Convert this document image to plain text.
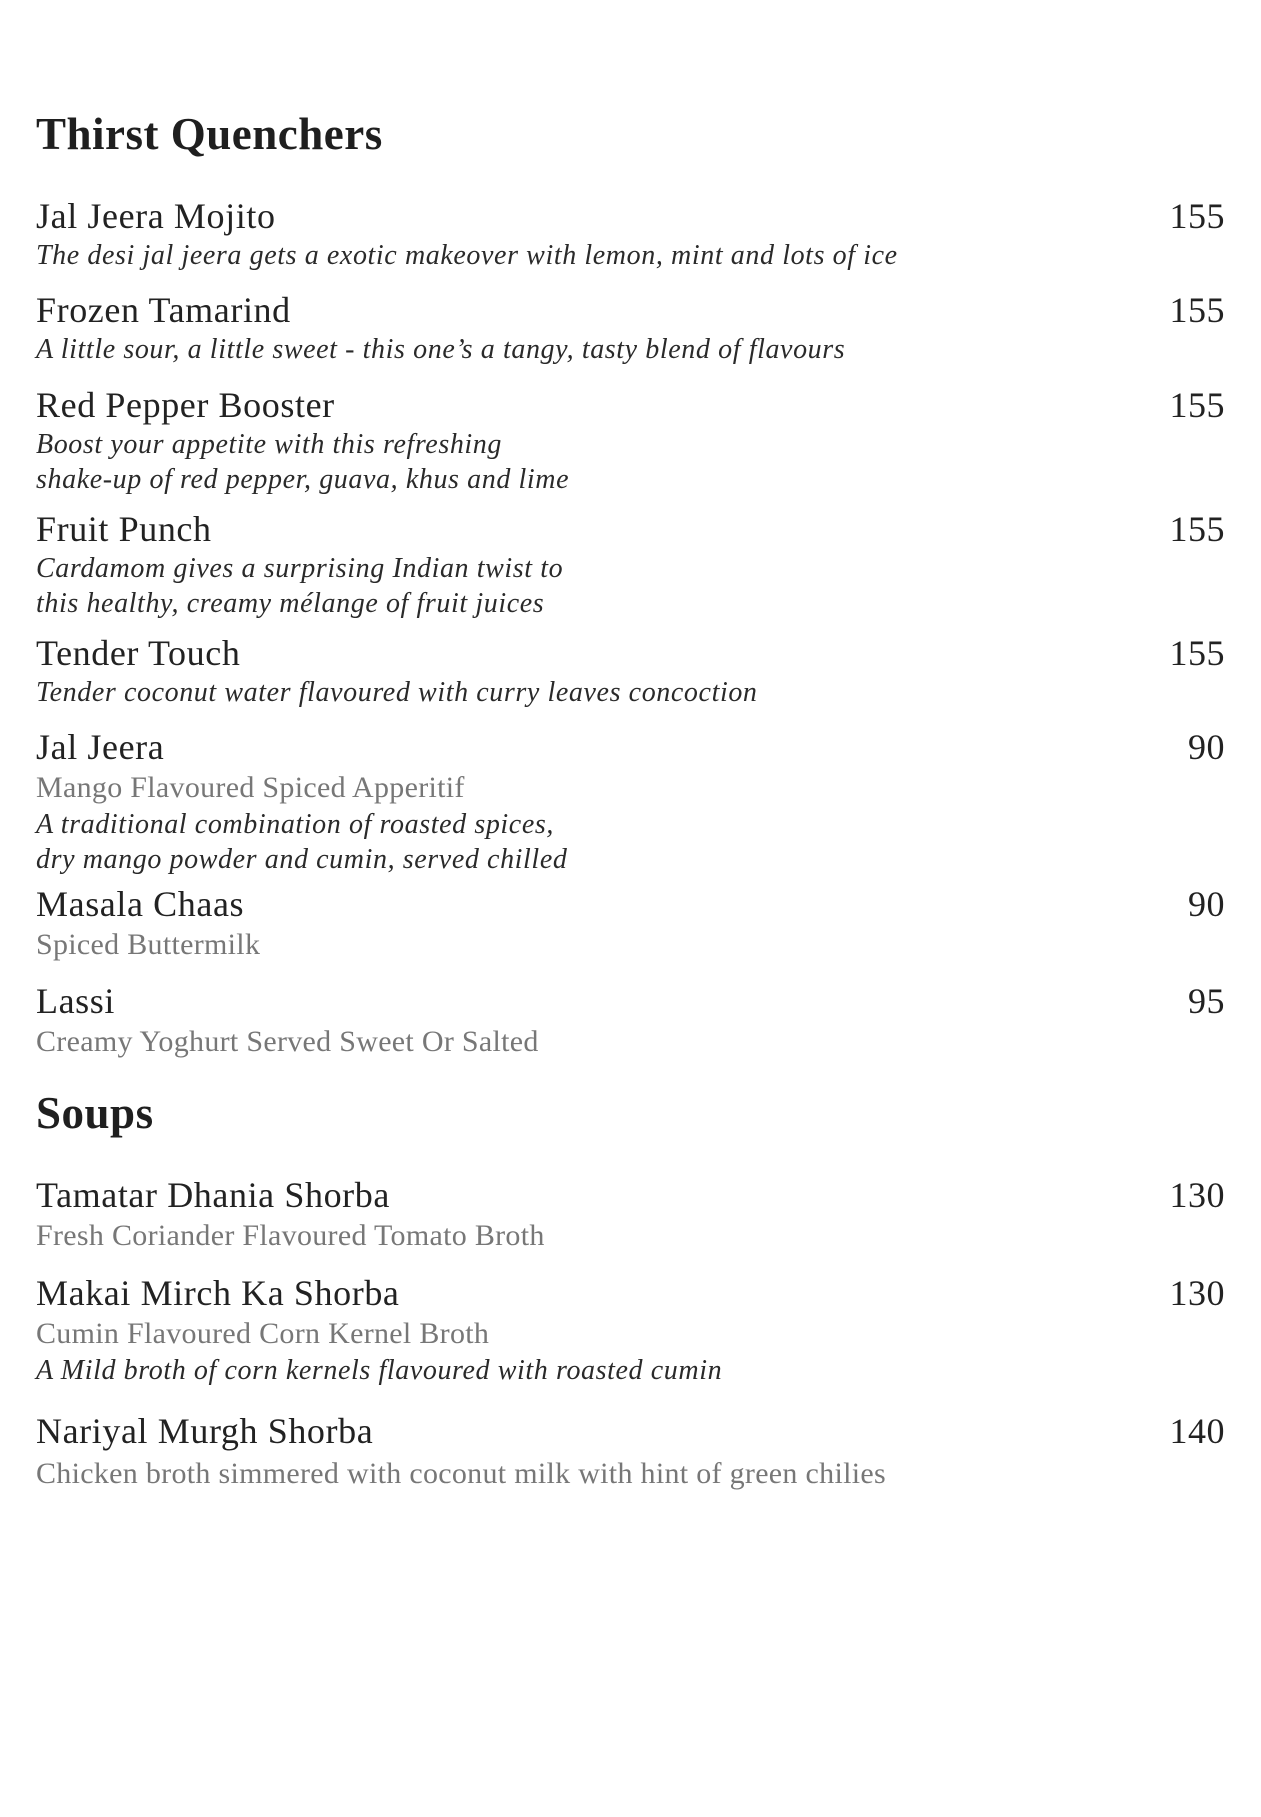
Thirst Quenchers
Jal Jeera Mojito	155
The desi jal jeera gets a exotic makeover with lemon, mint and lots of ice
Frozen Tamarind	155
A little sour, a little sweet - this one’s a tangy, tasty blend of flavours
Red Pepper Booster	155
Boost your appetite with this refreshing
shake-up of red pepper, guava, khus and lime
Fruit Punch	155
Cardamom gives a surprising Indian twist to
this healthy, creamy mélange of fruit juices
Tender Touch	155
Tender coconut water flavoured with curry leaves concoction
Jal Jeera	90
Mango Flavoured Spiced Apperitif
A traditional combination of roasted spices,
dry mango powder and cumin, served chilled
Masala Chaas	90
Spiced Buttermilk
Lassi	95
Creamy Yoghurt Served Sweet Or Salted
Soups
Tamatar Dhania Shorba	130
Fresh Coriander Flavoured Tomato Broth
Makai Mirch Ka Shorba	130
Cumin Flavoured Corn Kernel Broth
A Mild broth of corn kernels flavoured with roasted cumin
Nariyal Murgh Shorba	140
Chicken broth simmered with coconut milk with hint of green chilies
